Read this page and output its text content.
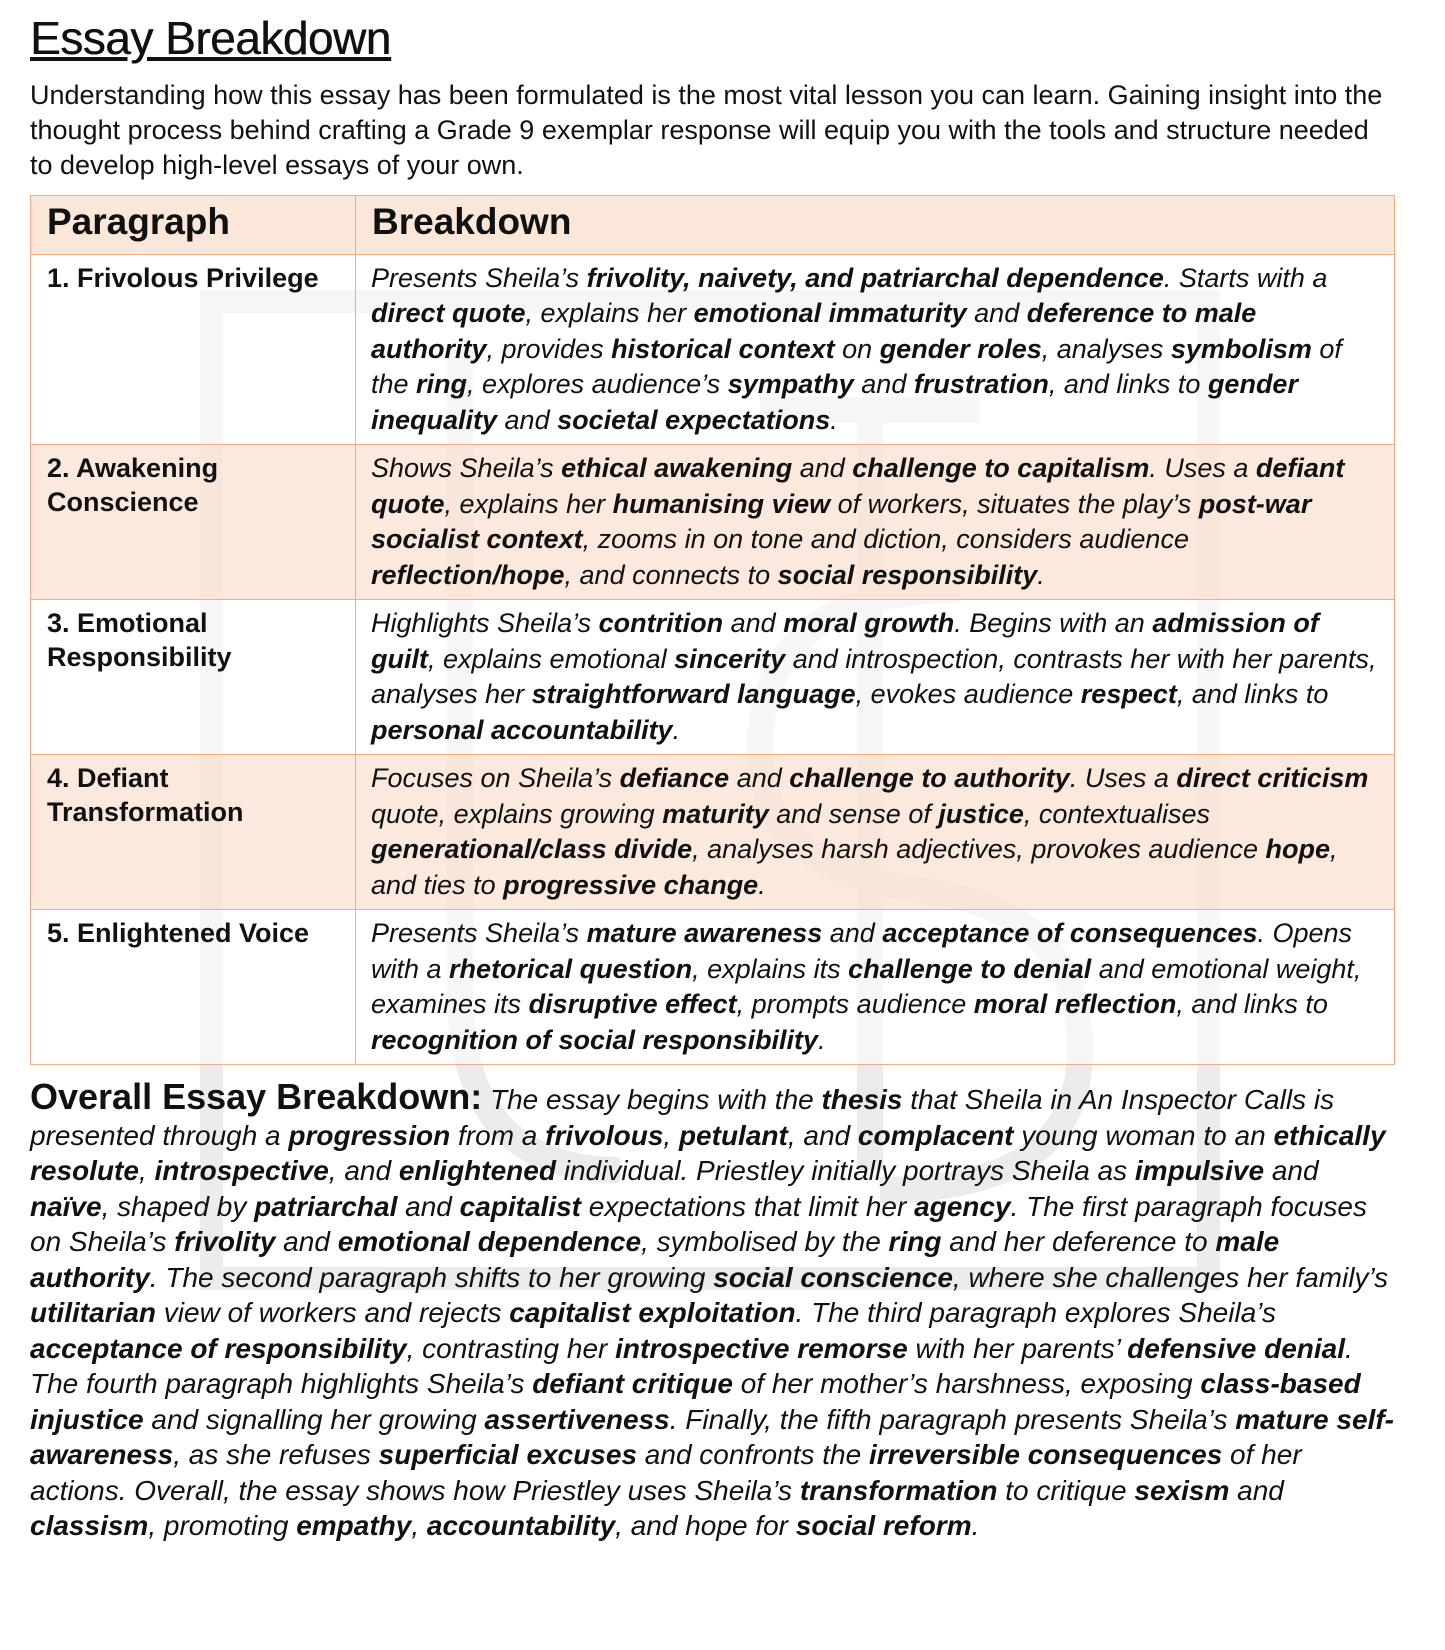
Essay Breakdown

Understanding how this essay has been formulated is the most vital lesson you can learn. Gaining insight into the thought process behind crafting a Grade 9 exemplar response will equip you with the tools and structure needed to develop high-level essays of your own.

Paragraph	Breakdown
1. Frivolous Privilege	Presents Sheila’s frivolity, naivety, and patriarchal dependence. Starts with a direct quote, explains her emotional immaturity and deference to male authority, provides historical context on gender roles, analyses symbolism of the ring, explores audience’s sympathy and frustration, and links to gender inequality and societal expectations.
2. Awakening Conscience	Shows Sheila’s ethical awakening and challenge to capitalism. Uses a defiant quote, explains her humanising view of workers, situates the play’s post-war socialist context, zooms in on tone and diction, considers audience reflection/hope, and connects to social responsibility.
3. Emotional Responsibility	Highlights Sheila’s contrition and moral growth. Begins with an admission of guilt, explains emotional sincerity and introspection, contrasts her with her parents, analyses her straightforward language, evokes audience respect, and links to personal accountability.
4. Defiant Transformation	Focuses on Sheila’s defiance and challenge to authority. Uses a direct criticism quote, explains growing maturity and sense of justice, contextualises generational/class divide, analyses harsh adjectives, provokes audience hope, and ties to progressive change.
5. Enlightened Voice	Presents Sheila’s mature awareness and acceptance of consequences. Opens with a rhetorical question, explains its challenge to denial and emotional weight, examines its disruptive effect, prompts audience moral reflection, and links to recognition of social responsibility.

Overall Essay Breakdown: The essay begins with the thesis that Sheila in An Inspector Calls is presented through a progression from a frivolous, petulant, and complacent young woman to an ethically resolute, introspective, and enlightened individual. Priestley initially portrays Sheila as impulsive and naïve, shaped by patriarchal and capitalist expectations that limit her agency. The first paragraph focuses on Sheila’s frivolity and emotional dependence, symbolised by the ring and her deference to male authority. The second paragraph shifts to her growing social conscience, where she challenges her family’s utilitarian view of workers and rejects capitalist exploitation. The third paragraph explores Sheila’s acceptance of responsibility, contrasting her introspective remorse with her parents’ defensive denial. The fourth paragraph highlights Sheila’s defiant critique of her mother’s harshness, exposing class-based injustice and signalling her growing assertiveness. Finally, the fifth paragraph presents Sheila’s mature self-awareness, as she refuses superficial excuses and confronts the irreversible consequences of her actions. Overall, the essay shows how Priestley uses Sheila’s transformation to critique sexism and classism, promoting empathy, accountability, and hope for social reform.
